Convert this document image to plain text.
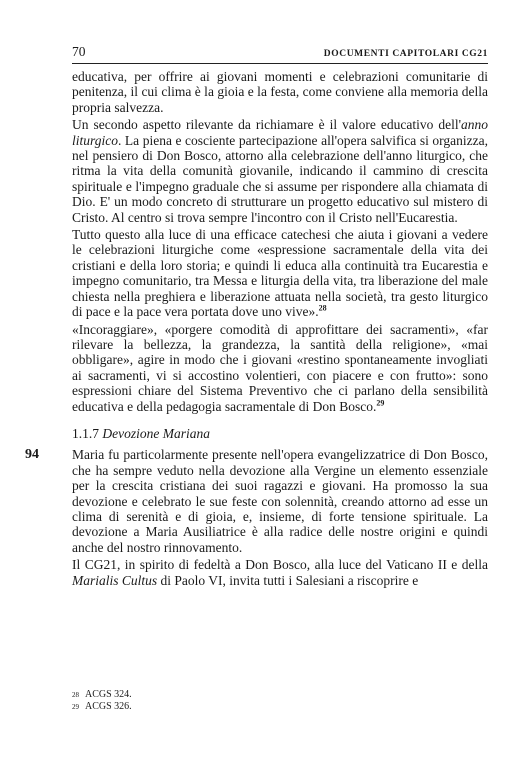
70	DOCUMENTI CAPITOLARI CG21

educativa, per offrire ai giovani momenti e celebrazioni comunitarie di penitenza, il cui clima è la gioia e la festa, come conviene alla memoria della propria salvezza.

Un secondo aspetto rilevante da richiamare è il valore educativo dell'anno liturgico. La piena e cosciente partecipazione all'opera salvifica si organizza, nel pensiero di Don Bosco, attorno alla celebrazione dell'anno liturgico, che ritma la vita della comunità giovanile, indicando il cammino di crescita spirituale e l'impegno graduale che si assume per rispondere alla chiamata di Dio. E' un modo concreto di strutturare un progetto educativo sul mistero di Cristo. Al centro si trova sempre l'incontro con il Cristo nell'Eucarestia.

Tutto questo alla luce di una efficace catechesi che aiuta i giovani a vedere le celebrazioni liturgiche come «espressione sacramentale della vita dei cristiani e della loro storia; e quindi li educa alla continuità tra Eucarestia e impegno comunitario, tra Messa e liturgia della vita, tra liberazione del male chiesta nella preghiera e liberazione attuata nella società, tra gesto liturgico di pace e la pace vera portata dove uno vive».$^{28}$

«Incoraggiare», «porgere comodità di approfittare dei sacramenti», «far rilevare la bellezza, la grandezza, la santità della religione», «mai obbligare», agire in modo che i giovani «restino spontaneamente invogliati ai sacramenti, vi si accostino volentieri, con piacere e con frutto»: sono espressioni chiare del Sistema Preventivo che ci parlano della sensibilità educativa e della pedagogia sacramentale di Don Bosco.$^{29}$

1.1.7 Devozione Mariana
94 Maria fu particolarmente presente nell'opera evangelizzatrice di Don Bosco, che ha sempre veduto nella devozione alla Vergine un elemento essenziale per la crescita cristiana dei suoi ragazzi e giovani. Ha promosso la sua devozione e celebrato le sue feste con solennità, creando attorno ad esse un clima di serenità e di gioia, e, insieme, di forte tensione spirituale. La devozione a Maria Ausiliatrice è alla radice delle nostre origini e quindi anche del nostro rinnovamento.

Il CG21, in spirito di fedeltà a Don Bosco, alla luce del Vaticano II e della Marialis Cultus di Paolo VI, invita tutti i Salesiani a riscoprire e

28 ACGS 324.
29 ACGS 326.
